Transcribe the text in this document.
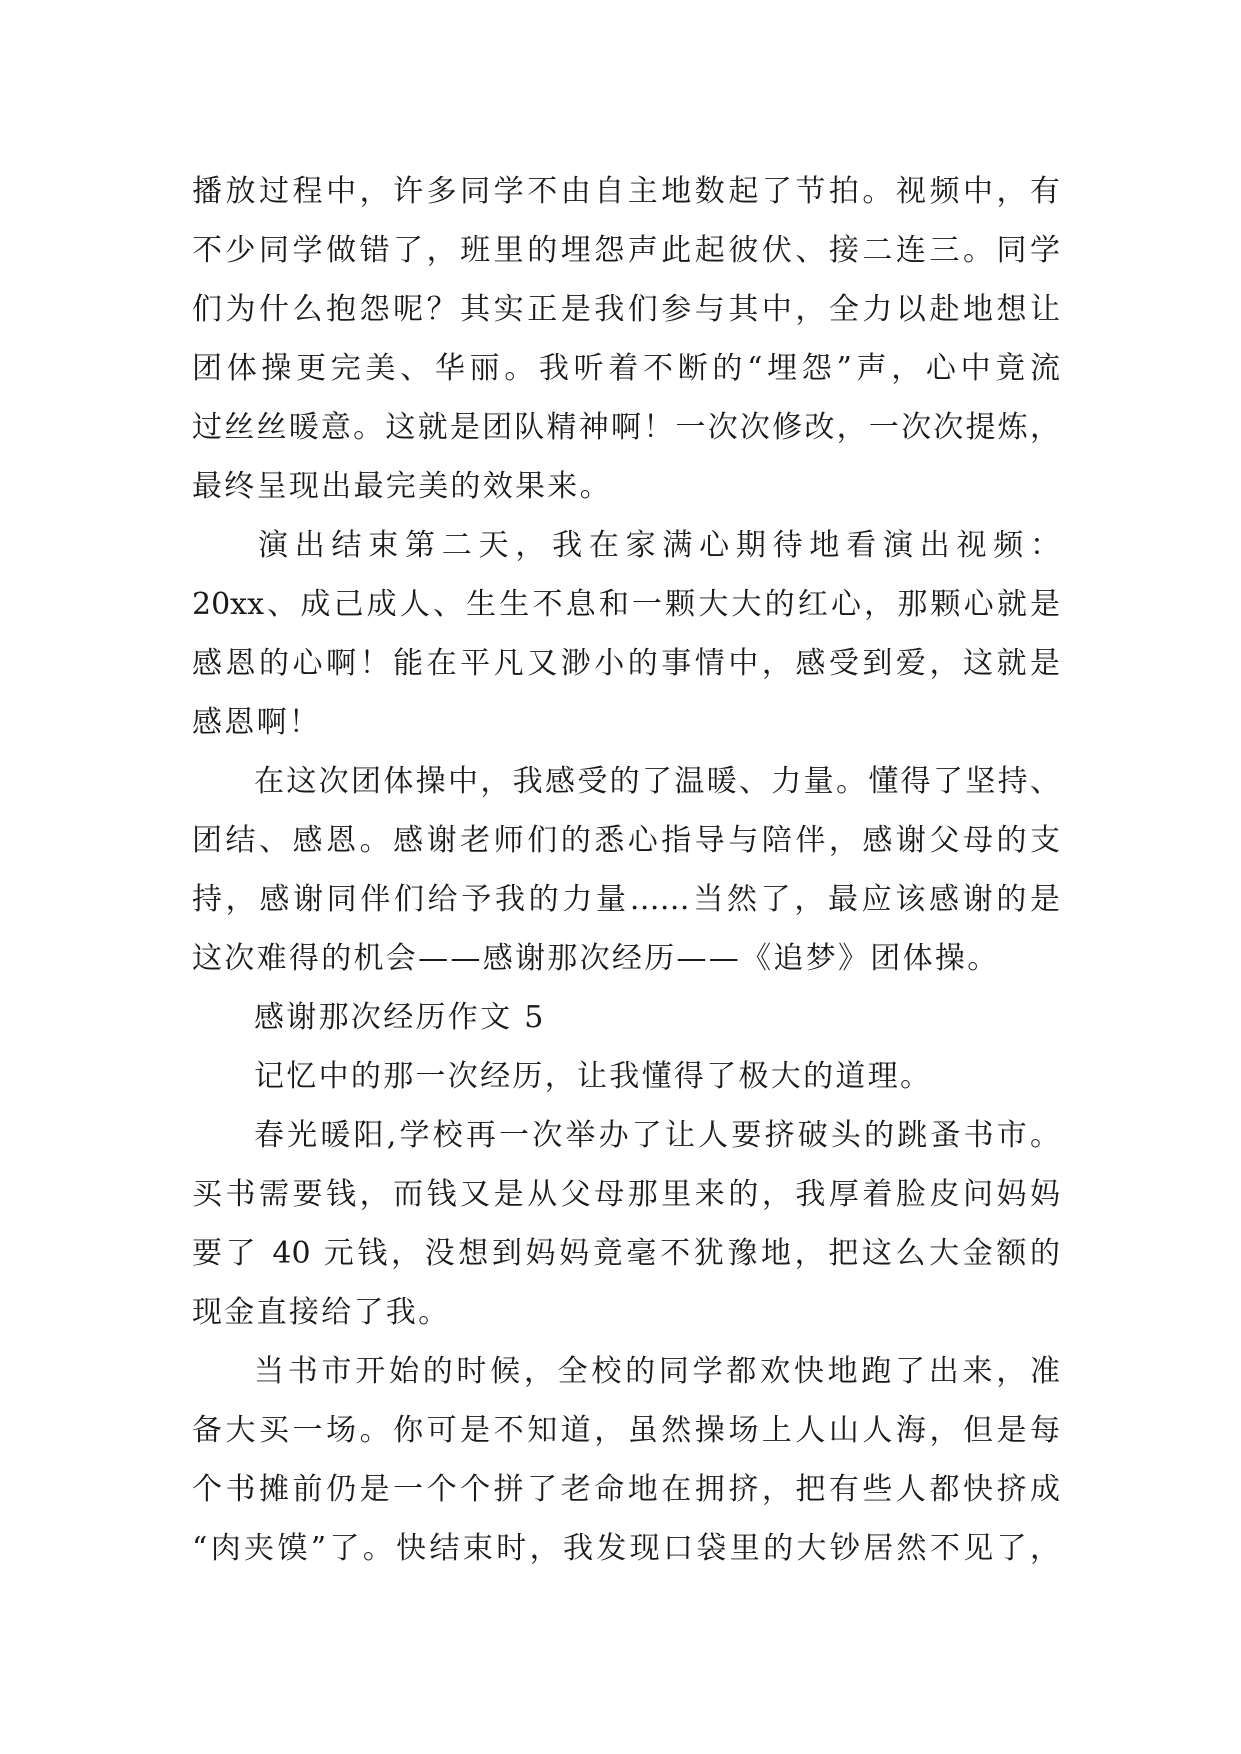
播放过程中，许多同学不由自主地数起了节拍。视频中，有
不少同学做错了，班里的埋怨声此起彼伏、接二连三。同学
们为什么抱怨呢？其实正是我们参与其中，全力以赴地想让
团体操更完美、华丽。我听着不断的“埋怨”声，心中竟流
过丝丝暖意。这就是团队精神啊！一次次修改，一次次提炼，
最终呈现出最完美的效果来。
演出结束第二天，我在家满心期待地看演出视频：
20xx、成己成人、生生不息和一颗大大的红心，那颗心就是
感恩的心啊！能在平凡又渺小的事情中，感受到爱，这就是
感恩啊！
在这次团体操中，我感受的了温暖、力量。懂得了坚持、
团结、感恩。感谢老师们的悉心指导与陪伴，感谢父母的支
持，感谢同伴们给予我的力量……当然了，最应该感谢的是
这次难得的机会——感谢那次经历——《追梦》团体操。
感谢那次经历作文 5
记忆中的那一次经历，让我懂得了极大的道理。
春光暖阳,学校再一次举办了让人要挤破头的跳蚤书市。
买书需要钱，而钱又是从父母那里来的，我厚着脸皮问妈妈
要了 40 元钱，没想到妈妈竟毫不犹豫地，把这么大金额的
现金直接给了我。
当书市开始的时候，全校的同学都欢快地跑了出来，准
备大买一场。你可是不知道，虽然操场上人山人海，但是每
个书摊前仍是一个个拼了老命地在拥挤，把有些人都快挤成
“肉夹馍”了。快结束时，我发现口袋里的大钞居然不见了，
